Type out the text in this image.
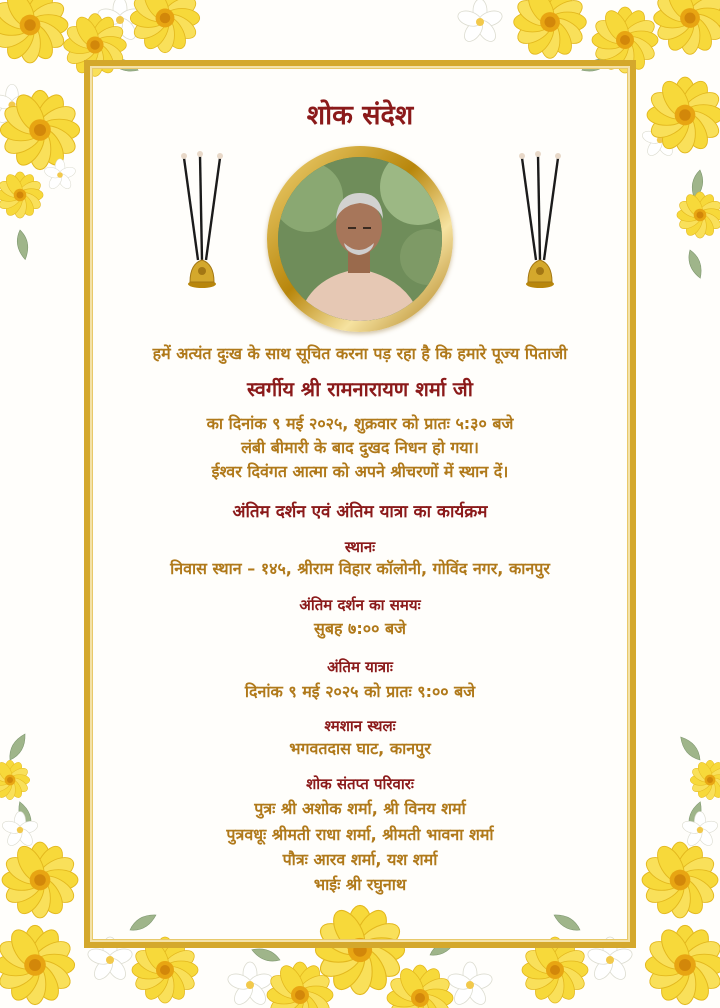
शोक संदेश
हमें अत्यंत दुःख के साथ सूचित करना पड़ रहा है कि हमारे पूज्य पिताजी
स्वर्गीय श्री रामनारायण शर्मा जी
का दिनांक ९ मई २०२५, शुक्रवार को प्रातः ५:३० बजे
लंबी बीमारी के बाद दुखद निधन हो गया।
ईश्वर दिवंगत आत्मा को अपने श्रीचरणों में स्थान दें।
अंतिम दर्शन एवं अंतिम यात्रा का कार्यक्रम
स्थानः
निवास स्थान – १४५, श्रीराम विहार कॉलोनी, गोविंद नगर, कानपुर
अंतिम दर्शन का समयः
सुबह ७:०० बजे
अंतिम यात्राः
दिनांक ९ मई २०२५ को प्रातः ९:०० बजे
श्मशान स्थलः
भगवतदास घाट, कानपुर
शोक संतप्त परिवारः
पुत्रः श्री अशोक शर्मा, श्री विनय शर्मा
पुत्रवधूः श्रीमती राधा शर्मा, श्रीमती भावना शर्मा
पौत्रः आरव शर्मा, यश शर्मा
भाईः श्री रघुनाथ
